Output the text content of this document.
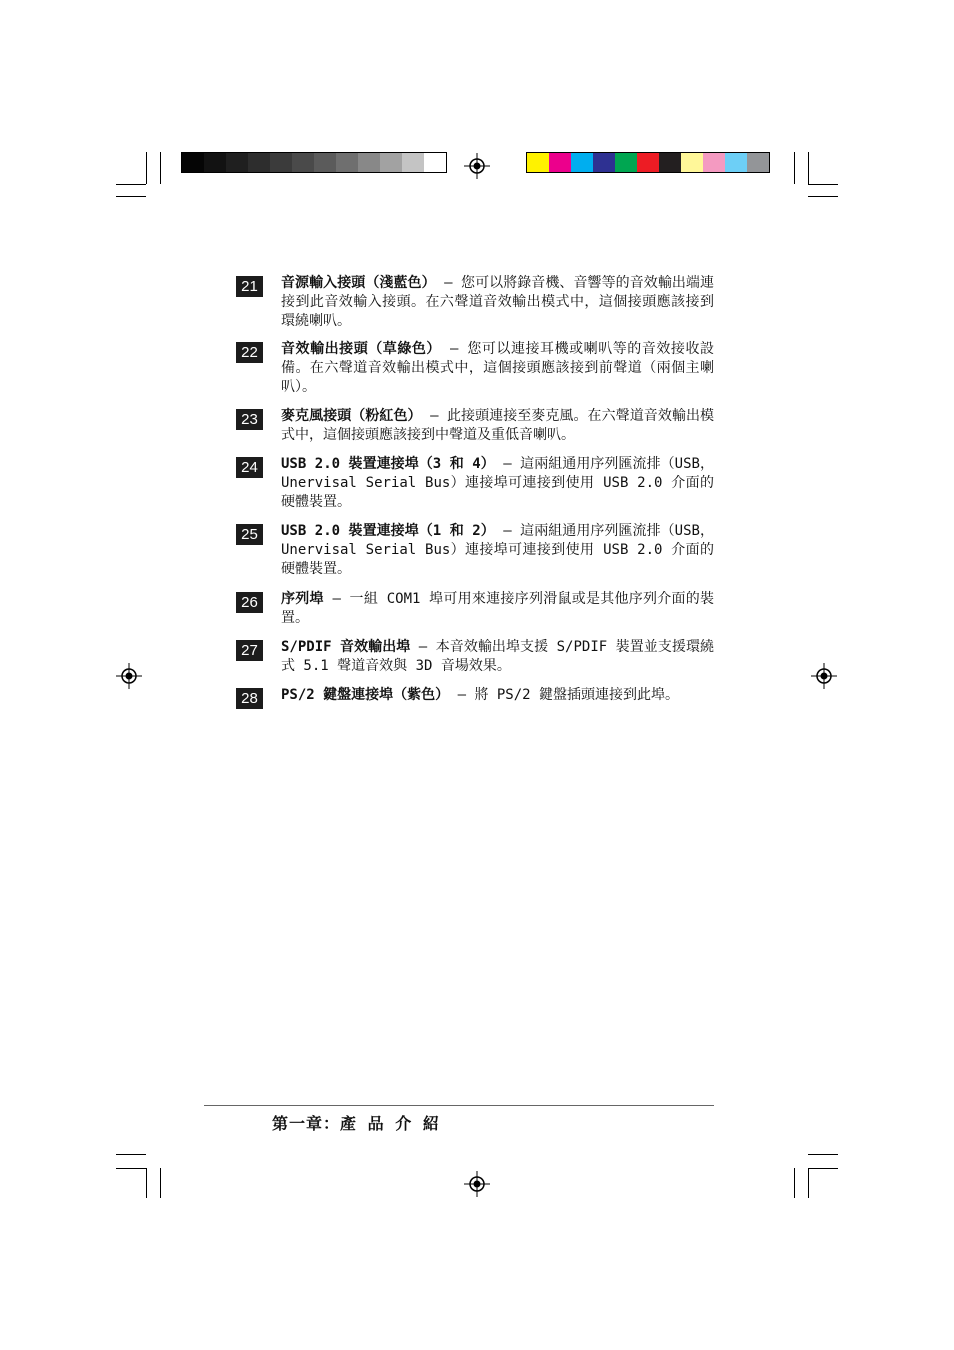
21	音源輸入接頭（淺藍色） – 您可以將錄音機、音響等的音效輸出端連接到此音效輸入接頭。在六聲道音效輸出模式中，這個接頭應該接到環繞喇叭。
22	音效輸出接頭（草綠色） – 您可以連接耳機或喇叭等的音效接收設備。在六聲道音效輸出模式中，這個接頭應該接到前聲道（兩個主喇叭）。
23	麥克風接頭（粉紅色） – 此接頭連接至麥克風。在六聲道音效輸出模式中，這個接頭應該接到中聲道及重低音喇叭。
24	USB 2.0 裝置連接埠（3 和 4） – 這兩組通用序列匯流排（USB，Unervisal Serial Bus）連接埠可連接到使用 USB 2.0 介面的硬體裝置。
25	USB 2.0 裝置連接埠（1 和 2） – 這兩組通用序列匯流排（USB，Unervisal Serial Bus）連接埠可連接到使用 USB 2.0 介面的硬體裝置。
26	序列埠 – 一組 COM1 埠可用來連接序列滑鼠或是其他序列介面的裝置。
27	S/PDIF 音效輸出埠 – 本音效輸出埠支援 S/PDIF 裝置並支援環繞式 5.1 聲道音效與 3D 音場效果。
28	PS/2 鍵盤連接埠（紫色） – 將 PS/2 鍵盤插頭連接到此埠。
第一章：產 品 介 紹
